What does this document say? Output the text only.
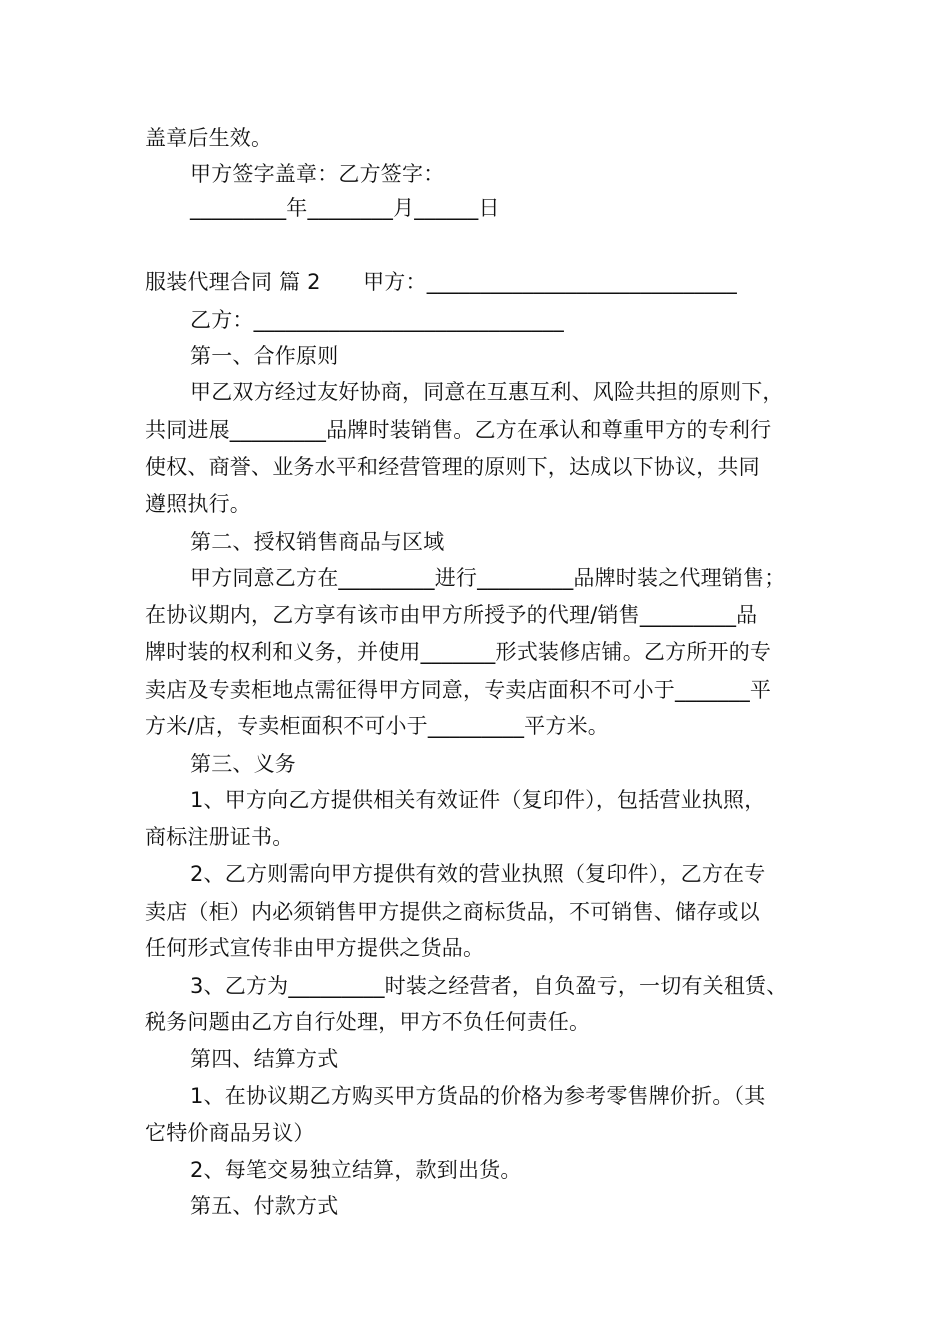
盖章后生效。
甲方签字盖章：乙方签字：
_________年________月______日
服装代理合同 篇 2　　甲方：_____________________________
乙方：_____________________________
第一、合作原则
甲乙双方经过友好协商，同意在互惠互利、风险共担的原则下，
共同进展_________品牌时装销售。乙方在承认和尊重甲方的专利行
使权、商誉、业务水平和经营管理的原则下，达成以下协议，共同
遵照执行。
第二、授权销售商品与区域
甲方同意乙方在_________进行_________品牌时装之代理销售；
在协议期内，乙方享有该市由甲方所授予的代理/销售_________品
牌时装的权利和义务，并使用_______形式装修店铺。乙方所开的专
卖店及专卖柜地点需征得甲方同意，专卖店面积不可小于_______平
方米/店，专卖柜面积不可小于_________平方米。
第三、义务
1、甲方向乙方提供相关有效证件（复印件），包括营业执照，
商标注册证书。
2、乙方则需向甲方提供有效的营业执照（复印件），乙方在专
卖店（柜）内必须销售甲方提供之商标货品，不可销售、储存或以
任何形式宣传非由甲方提供之货品。
3、乙方为_________时装之经营者，自负盈亏，一切有关租赁、
税务问题由乙方自行处理，甲方不负任何责任。
第四、结算方式
1、在协议期乙方购买甲方货品的价格为参考零售牌价折。（其
它特价商品另议）
2、每笔交易独立结算，款到出货。
第五、付款方式
